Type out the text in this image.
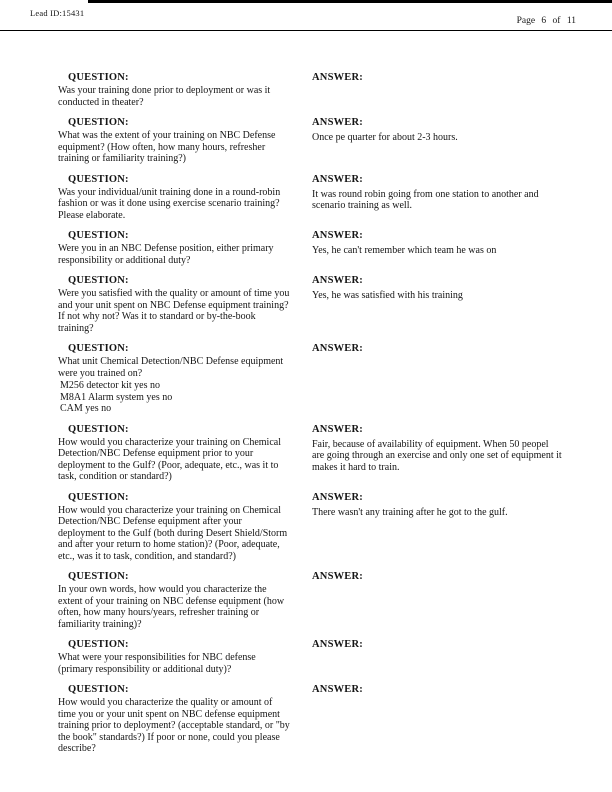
Lead ID:15431
Page 6 of 11
QUESTION:
Was your training done prior to deployment or was it conducted in theater?
ANSWER:
QUESTION:
What was the extent of your training on NBC Defense equipment? (How often, how many hours, refresher training or familiarity training?)
ANSWER:
Once pe quarter for about 2-3 hours.
QUESTION:
Was your individual/unit training done in a round-robin fashion or was it done using exercise scenario training? Please elaborate.
ANSWER:
It was round robin going from one station to another and scenario training as well.
QUESTION:
Were you in an NBC Defense position, either primary responsibility or additional duty?
ANSWER:
Yes, he can't remember which team he was on
QUESTION:
Were you satisfied with the quality or amount of time you and your unit spent on NBC Defense equipment training? If not why not? Was it to standard or by-the-book training?
ANSWER:
Yes, he was satisfied with his training
QUESTION:
What unit Chemical Detection/NBC Defense equipment were you trained on?
M256 detector kit yes no
M8A1 Alarm system yes no
CAM yes no
ANSWER:
QUESTION:
How would you characterize your training on Chemical Detection/NBC Defense equipment prior to your deployment to the Gulf? (Poor, adequate, etc., was it to task, condition or standard?)
ANSWER:
Fair, because of availability of equipment. When 50 peopel are going through an exercise and only one set of equipment it makes it hard to train.
QUESTION:
How would you characterize your training on Chemical Detection/NBC Defense equipment after your deployment to the Gulf (both during Desert Shield/Storm and after your return to home station)? (Poor, adequate, etc., was it to task, condition, and standard?)
ANSWER:
There wasn't any training after he got to the gulf.
QUESTION:
In your own words, how would you characterize the extent of your training on NBC defense equipment (how often, how many hours/years, refresher training or familiarity training)?
ANSWER:
QUESTION:
What were your responsibilities for NBC defense (primary responsibility or additional duty)?
ANSWER:
QUESTION:
How would you characterize the quality or amount of time you or your unit spent on NBC defense equipment training prior to deployment? (acceptable standard, or "by the book" standards?) If poor or none, could you please describe?
ANSWER:
